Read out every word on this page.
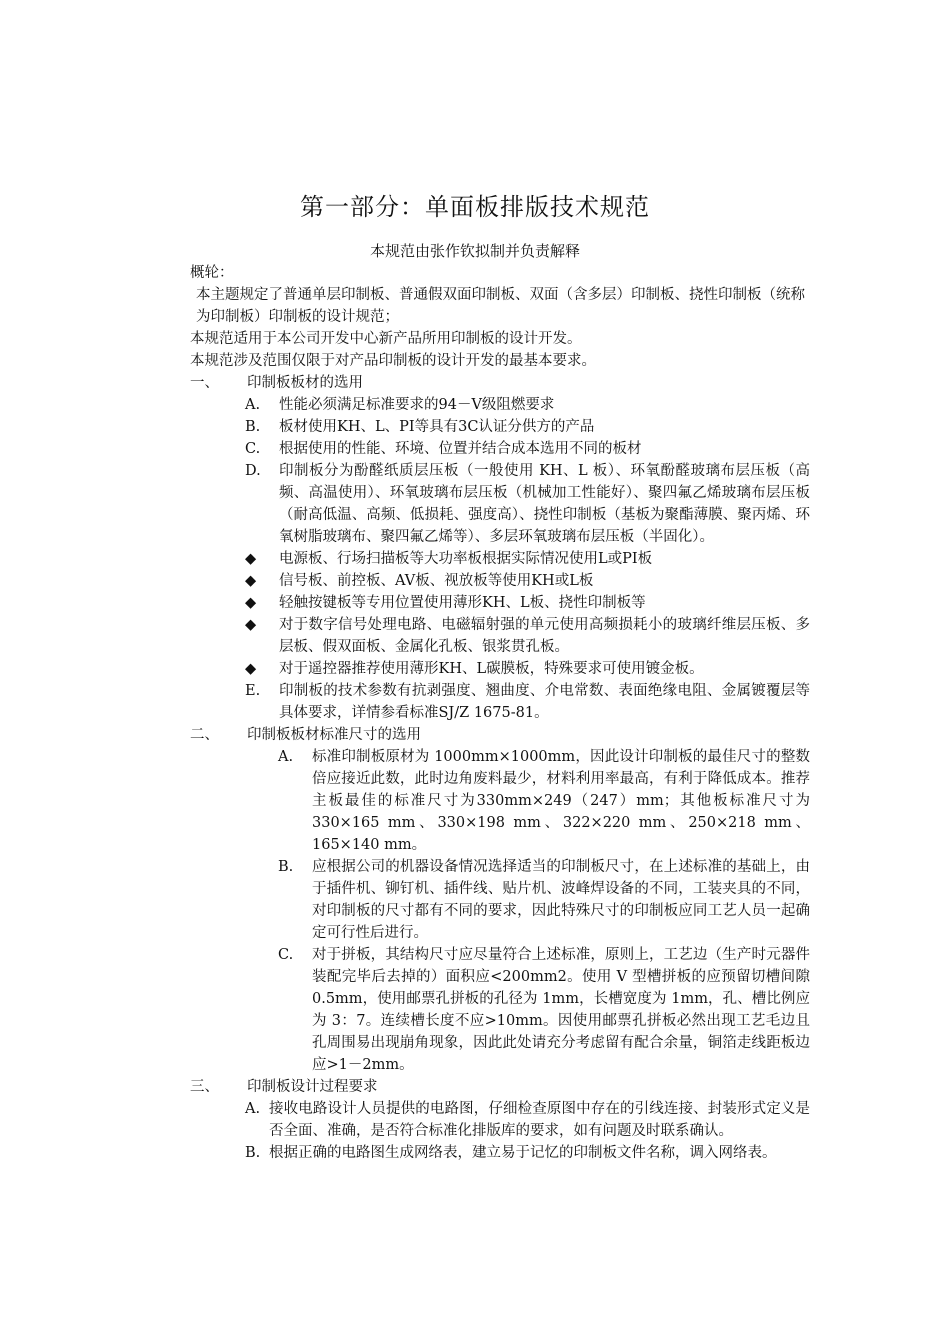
第一部分：单面板排版技术规范

本规范由张作钦拟制并负责解释

概轮：

本主题规定了普通单层印制板、普通假双面印制板、双面（含多层）印制板、挠性印制板（统称为印制板）印制板的设计规范；

本规范适用于本公司开发中心新产品所用印制板的设计开发。

本规范涉及范围仅限于对产品印制板的设计开发的最基本要求。

一、	印制板板材的选用
A.	性能必须满足标准要求的94－V级阻燃要求
B.	板材使用KH、L、PI等具有3C认证分供方的产品
C.	根据使用的性能、环境、位置并结合成本选用不同的板材
D.	印制板分为酚醛纸质层压板（一般使用 KH、L 板）、环氧酚醛玻璃布层压板（高频、高温使用）、环氧玻璃布层压板（机械加工性能好）、聚四氟乙烯玻璃布层压板（耐高低温、高频、低损耗、强度高）、挠性印制板（基板为聚酯薄膜、聚丙烯、环氧树脂玻璃布、聚四氟乙烯等）、多层环氧玻璃布层压板（半固化）。
◆	电源板、行场扫描板等大功率板根据实际情况使用L或PI板
◆	信号板、前控板、AV板、视放板等使用KH或L板
◆	轻触按键板等专用位置使用薄形KH、L板、挠性印制板等
◆	对于数字信号处理电路、电磁辐射强的单元使用高频损耗小的玻璃纤维层压板、多层板、假双面板、金属化孔板、银浆贯孔板。
◆	对于遥控器推荐使用薄形KH、L碳膜板，特殊要求可使用镀金板。
E.	印制板的技术参数有抗剥强度、翘曲度、介电常数、表面绝缘电阻、金属镀覆层等具体要求，详情参看标准SJ/Z 1675-81。
二、	印制板板材标准尺寸的选用
A.	标准印制板原材为 1000mm×1000mm，因此设计印制板的最佳尺寸的整数倍应接近此数，此时边角废料最少，材料利用率最高，有利于降低成本。推荐主板最佳的标准尺寸为330mm×249（247）mm；其他板标准尺寸为 330×165 mm、330×198 mm、322×220 mm、250×218 mm、165×140 mm。
B.	应根据公司的机器设备情况选择适当的印制板尺寸，在上述标准的基础上，由于插件机、铆钉机、插件线、贴片机、波峰焊设备的不同，工装夹具的不同，对印制板的尺寸都有不同的要求，因此特殊尺寸的印制板应同工艺人员一起确定可行性后进行。
C.	对于拼板，其结构尺寸应尽量符合上述标准，原则上，工艺边（生产时元器件装配完毕后去掉的）面积应<200mm2。使用 V 型槽拼板的应预留切槽间隙 0.5mm，使用邮票孔拼板的孔径为 1mm，长槽宽度为 1mm，孔、槽比例应为 3：7。连续槽长度不应>10mm。因使用邮票孔拼板必然出现工艺毛边且孔周围易出现崩角现象，因此此处请充分考虑留有配合余量，铜箔走线距板边应>1－2mm。
三、	印制板设计过程要求
A. 接收电路设计人员提供的电路图，仔细检查原图中存在的引线连接、封装形式定义是否全面、准确，是否符合标准化排版库的要求，如有问题及时联系确认。
B. 根据正确的电路图生成网络表，建立易于记忆的印制板文件名称，调入网络表。
